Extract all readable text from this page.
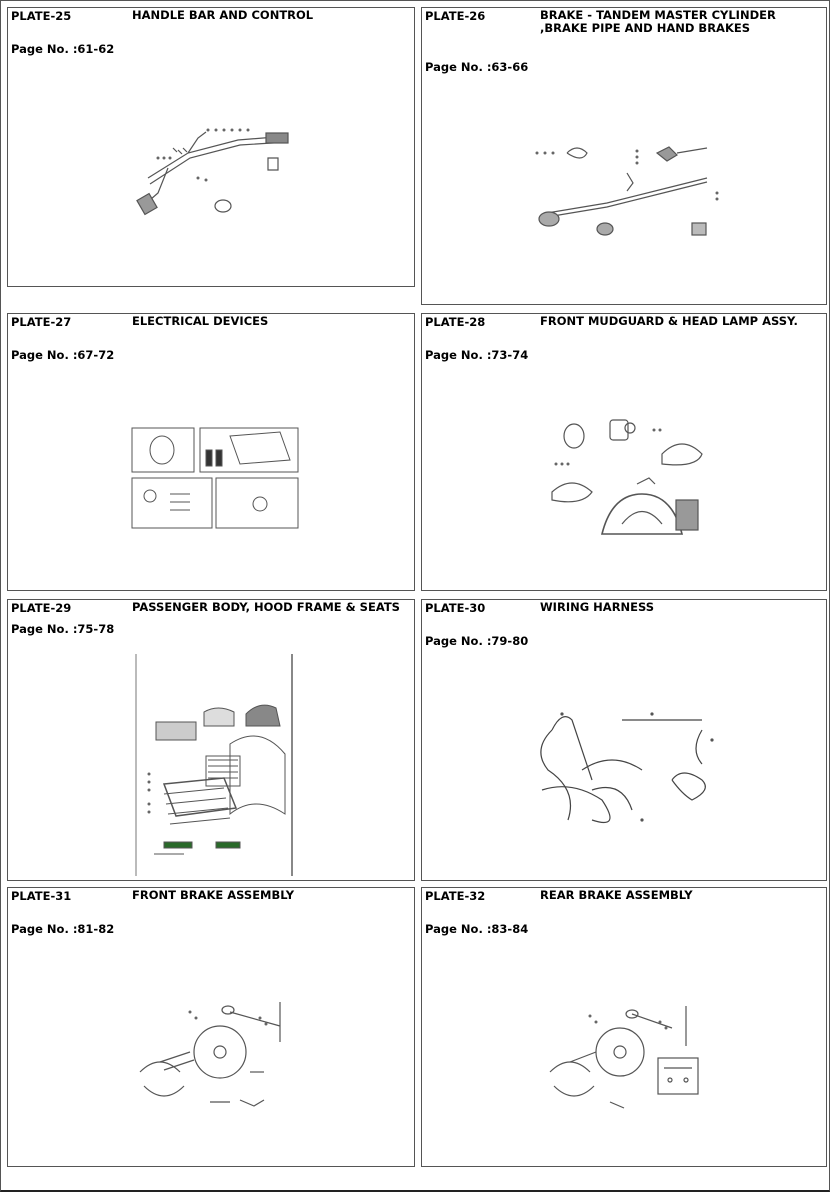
PLATE-25	HANDLE BAR AND CONTROL
Page No. :61-62
PLATE-26	BRAKE - TANDEM MASTER CYLINDER ,BRAKE PIPE AND HAND BRAKES
Page No. :63-66
PLATE-27	ELECTRICAL DEVICES
Page No. :67-72
PLATE-28	FRONT MUDGUARD & HEAD LAMP ASSY.
Page No. :73-74
PLATE-29	PASSENGER BODY, HOOD FRAME & SEATS
Page No. :75-78
PLATE-30	WIRING HARNESS
Page No. :79-80
PLATE-31	FRONT BRAKE ASSEMBLY
Page No. :81-82
PLATE-32	REAR BRAKE ASSEMBLY
Page No. :83-84
